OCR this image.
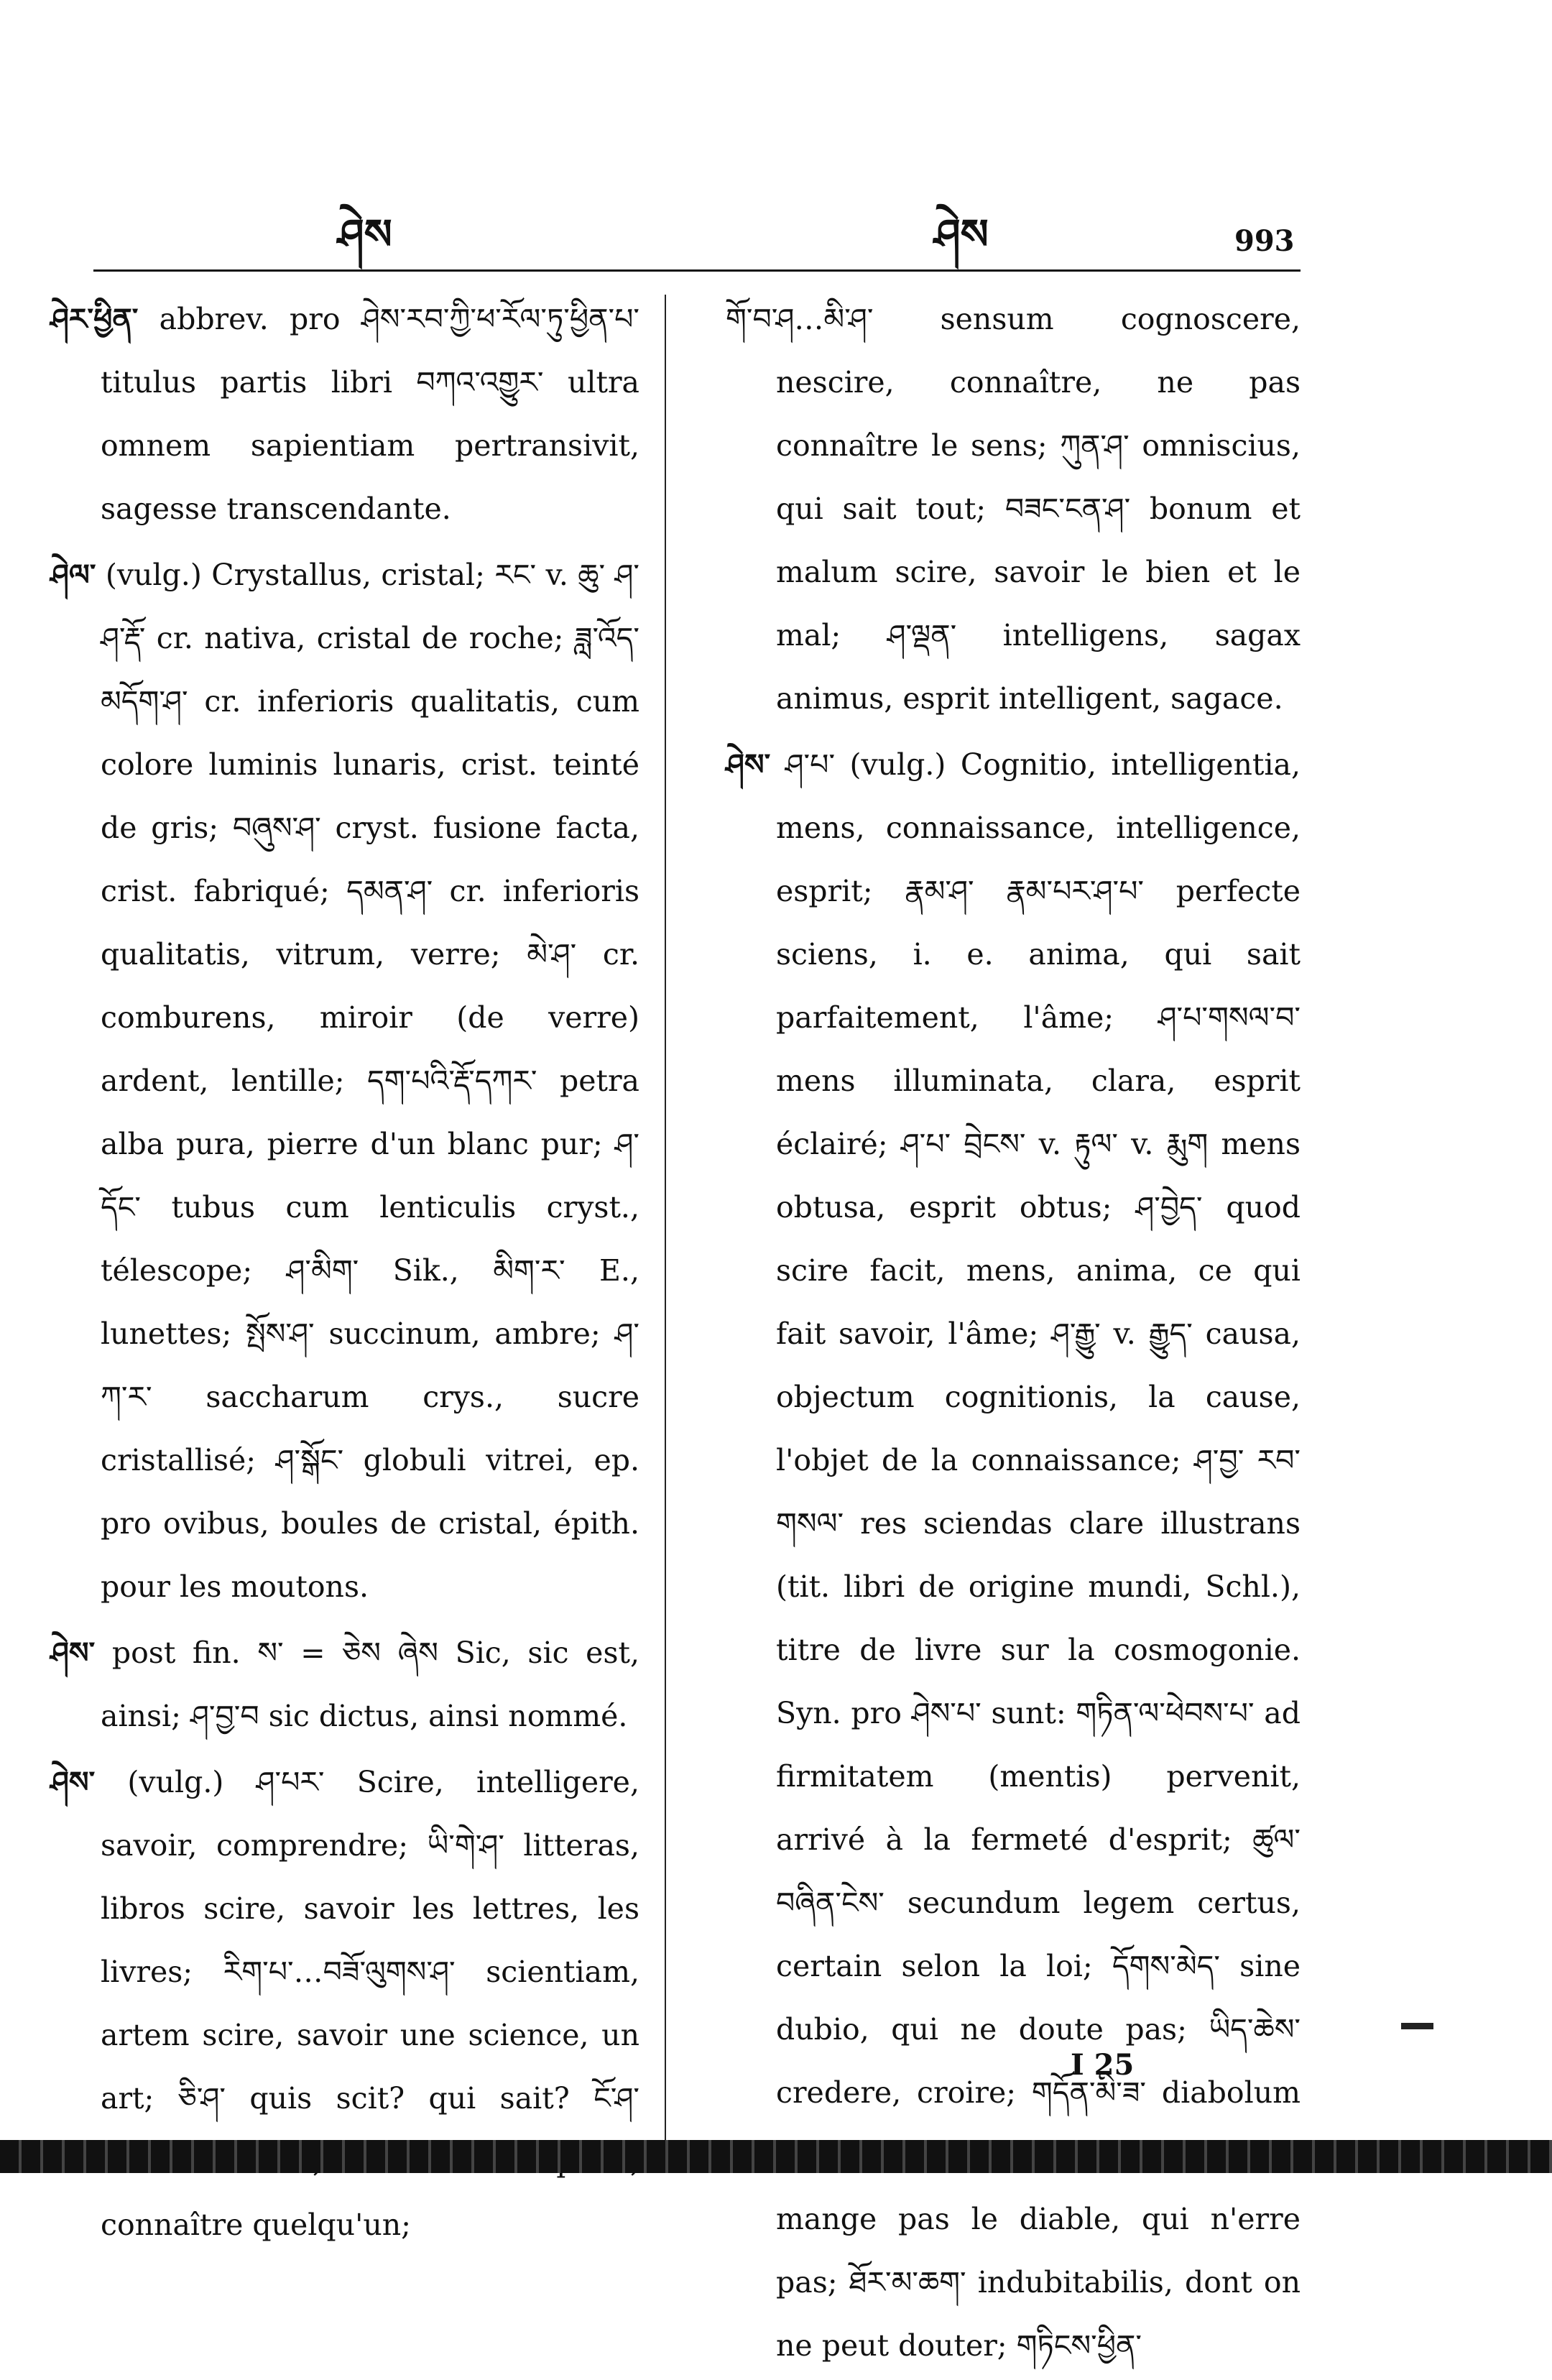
ཤེས	ཤེས	993

ཤེར་ཕྱིན་ abbrev. pro ཤེས་རབ་ཀྱི་ཕ་རོལ་ཏུ་ཕྱིན་པ་ titulus partis libri བཀའ་འགྱུར་ ultra omnem sapientiam pertransivit, sagesse transcendante.

ཤེལ་ (vulg.) Crystallus, cristal; རང་ v. ཆུ་ ཤ་ ཤ་རྡོ་ cr. nativa, cristal de roche; ཟླ་འོད་མདོག་ཤ་ cr. inferioris qualitatis, cum colore luminis lunaris, crist. teinté de gris; བཞུས་ཤ་ cryst. fusione facta, crist. fabriqué; དམན་ཤ་ cr. inferioris qualitatis, vitrum, verre; མེ་ཤ་ cr. comburens, miroir (de verre) ardent, lentille; དག་པའི་རྡོ་དཀར་ petra alba pura, pierre d'un blanc pur; ཤ་དོང་ tubus cum lenticulis cryst., télescope; ཤ་མིག་ Sik., མིག་ར་ E., lunettes; སྤོས་ཤ་ succinum, ambre; ཤ་ཀ་ར་ saccharum crys., sucre cristallisé; ཤ་སྒོང་ globuli vitrei, ep. pro ovibus, boules de cristal, épith. pour les moutons.

ཤེས་ post fin. ས་ = ཅེས ཞེས Sic, sic est, ainsi; ཤ་བྱ་བ sic dictus, ainsi nommé.

ཤེས་ (vulg.) ཤ་པར་ Scire, intelligere, savoir, comprendre; ཡི་གེ་ཤ་ litteras, libros scire, savoir les lettres, les livres; རིག་པ་…བཟོ་ལུགས་ཤ་ scientiam, artem scire, savoir une science, un art; ཅི་ཤ་ quis scit? qui sait? ངོ་ཤ་ connaître quelqu'un;

གོ་བ་ཤ…མི་ཤ་ sensum cognoscere, nescire, connaître, ne pas connaître le sens; ཀུན་ཤ་ omniscius, qui sait tout; བཟང་ངན་ཤ་ bonum et malum scire, savoir le bien et le mal; ཤ་ལྡན་ intelligens, sagax animus, esprit intelligent, sagace.

ཤེས་ ཤ་པ་ (vulg.) Cognitio, intelligentia, mens, connaissance, intelligence, esprit; རྣམ་ཤ་ རྣམ་པར་ཤ་པ་ perfecte sciens, i. e. anima, qui sait parfaitement, l'âme; ཤ་པ་གསལ་བ་ mens illuminata, clara, esprit éclairé; ཤ་པ་ བྲེངས་ v. རྟུལ་ v. རྨུག mens obtusa, esprit obtus; ཤ་བྱེད་ quod scire facit, mens, anima, ce qui fait savoir, l'âme; ཤ་རྒྱུ་ v. རྒྱུད་ causa, objectum cognitionis, la cause, l'objet de la connaissance; ཤ་བྱ་ རབ་གསལ་ res sciendas clare illustrans (tit. libri de origine mundi, Schl.), titre de livre sur la cosmogonie. Syn. pro ཤེས་པ་ sunt: གཏིན་ལ་ཕེབས་པ་ ad firmitatem (mentis) pervenit, arrivé à la fermeté d'esprit; ཚུལ་བཞིན་ངེས་ secundum legem certus, certain selon la loi; དོགས་མེད་ sine dubio, qui ne doute pas; ཡིད་ཆེས་ credere, croire; གདོན་མི་ཟ་ diabolum mange pas le diable, qui n'erre pas; ཐོར་མ་ཆག་ indubitabilis, dont on ne peut douter; གཏིངས་ཕྱིན་

I 25
